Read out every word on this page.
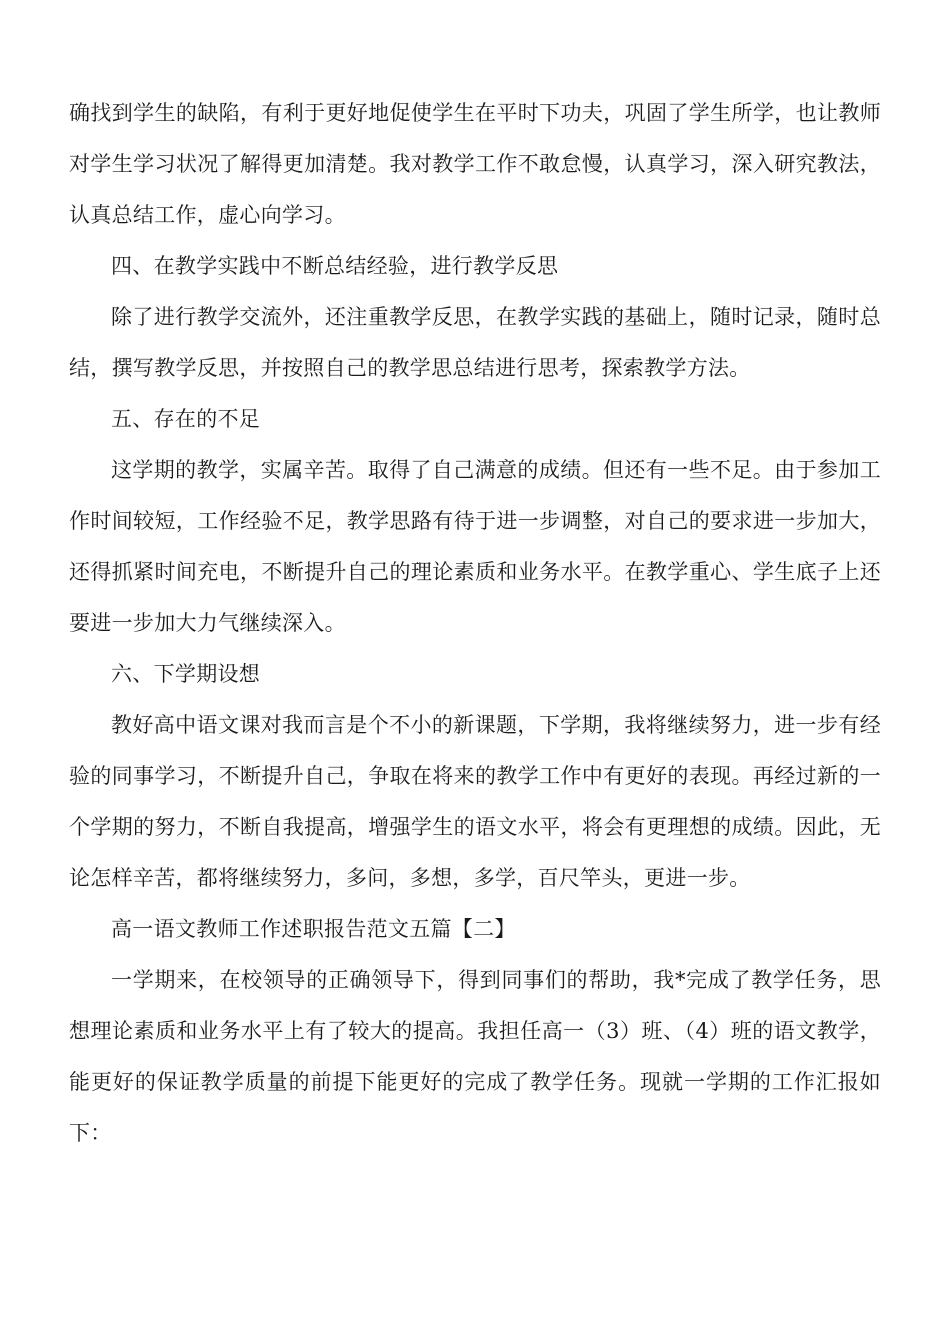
确找到学生的缺陷，有利于更好地促使学生在平时下功夫，巩固了学生所学，也让教师对学生学习状况了解得更加清楚。我对教学工作不敢怠慢，认真学习，深入研究教法，认真总结工作，虚心向学习。

四、在教学实践中不断总结经验，进行教学反思

除了进行教学交流外，还注重教学反思，在教学实践的基础上，随时记录，随时总结，撰写教学反思，并按照自己的教学思总结进行思考，探索教学方法。

五、存在的不足

这学期的教学，实属辛苦。取得了自己满意的成绩。但还有一些不足。由于参加工作时间较短，工作经验不足，教学思路有待于进一步调整，对自己的要求进一步加大，还得抓紧时间充电，不断提升自己的理论素质和业务水平。在教学重心、学生底子上还要进一步加大力气继续深入。

六、下学期设想

教好高中语文课对我而言是个不小的新课题，下学期，我将继续努力，进一步有经验的同事学习，不断提升自己，争取在将来的教学工作中有更好的表现。再经过新的一个学期的努力，不断自我提高，增强学生的语文水平，将会有更理想的成绩。因此，无论怎样辛苦，都将继续努力，多问，多想，多学，百尺竿头，更进一步。

高一语文教师工作述职报告范文五篇【二】

一学期来，在校领导的正确领导下，得到同事们的帮助，我*完成了教学任务，思想理论素质和业务水平上有了较大的提高。我担任高一（3）班、（4）班的语文教学，能更好的保证教学质量的前提下能更好的完成了教学任务。现就一学期的工作汇报如下：
